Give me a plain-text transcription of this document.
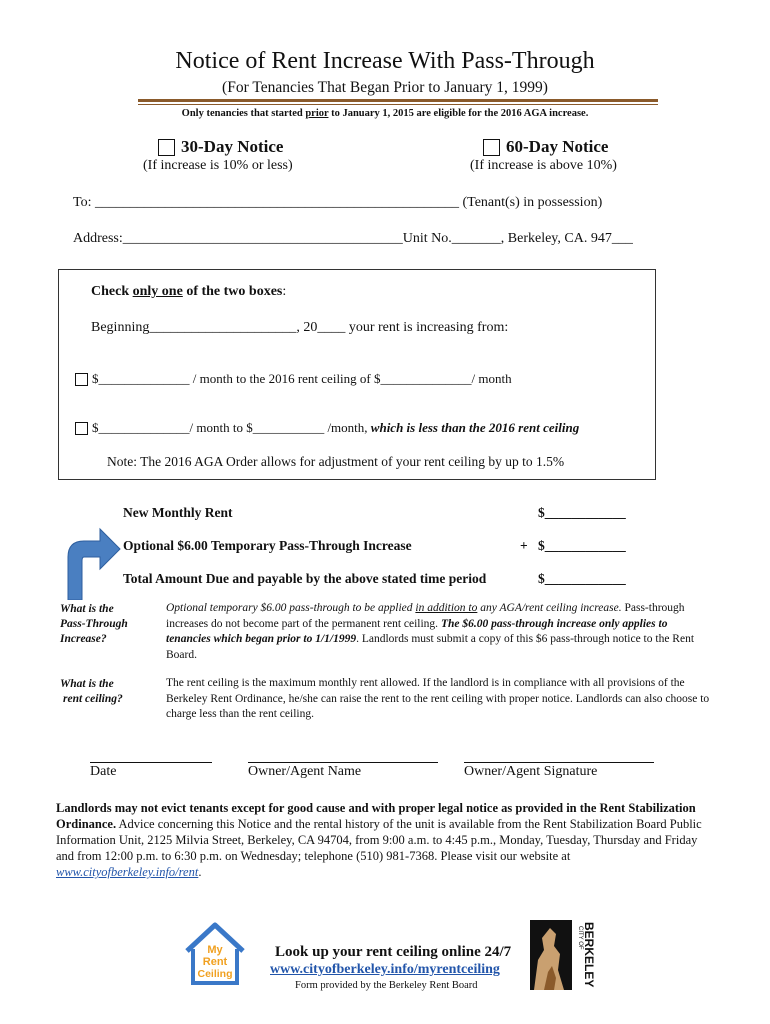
Notice of Rent Increase With Pass-Through
(For Tenancies That Began Prior to January 1, 1999)
Only tenancies that started prior to January 1, 2015 are eligible for the 2016 AGA increase.
30-Day Notice
(If increase is 10% or less)
60-Day Notice
(If increase is above 10%)
To: ____________________________________________________ (Tenant(s) in possession)
Address:________________________________________Unit No._______, Berkeley, CA. 947___
Check only one of the two boxes:
Beginning_____________________, 20____ your rent is increasing from:
$______________ / month to the 2016 rent ceiling of $______________/ month
$______________/ month to $___________ /month, which is less than the 2016 rent ceiling
Note: The 2016 AGA Order allows for adjustment of your rent ceiling by up to 1.5%
New Monthly Rent	$____________
Optional $6.00 Temporary Pass-Through Increase	+ $____________
Total Amount Due and payable by the above stated time period	$____________
What is the
Pass-Through
Increase?
Optional temporary $6.00 pass-through to be applied in addition to any AGA/rent ceiling increase. Pass-through increases do not become part of the permanent rent ceiling. The $6.00 pass-through increase only applies to tenancies which began prior to 1/1/1999. Landlords must submit a copy of this $6 pass-through notice to the Rent Board.
What is the
rent ceiling?
The rent ceiling is the maximum monthly rent allowed. If the landlord is in compliance with all provisions of the Berkeley Rent Ordinance, he/she can raise the rent to the rent ceiling with proper notice. Landlords can also choose to charge less than the rent ceiling.
Date	Owner/Agent Name	Owner/Agent Signature
Landlords may not evict tenants except for good cause and with proper legal notice as provided in the Rent Stabilization Ordinance. Advice concerning this Notice and the rental history of the unit is available from the Rent Stabilization Board Public Information Unit, 2125 Milvia Street, Berkeley, CA 94704, from 9:00 a.m. to 4:45 p.m., Monday, Tuesday, Thursday and Friday and from 12:00 p.m. to 6:30 p.m. on Wednesday; telephone (510) 981-7368. Please visit our website at www.cityofberkeley.info/rent.
My
Rent
Ceiling
Look up your rent ceiling online 24/7
www.cityofberkeley.info/myrentceiling
Form provided by the Berkeley Rent Board
CITY OF BERKELEY
